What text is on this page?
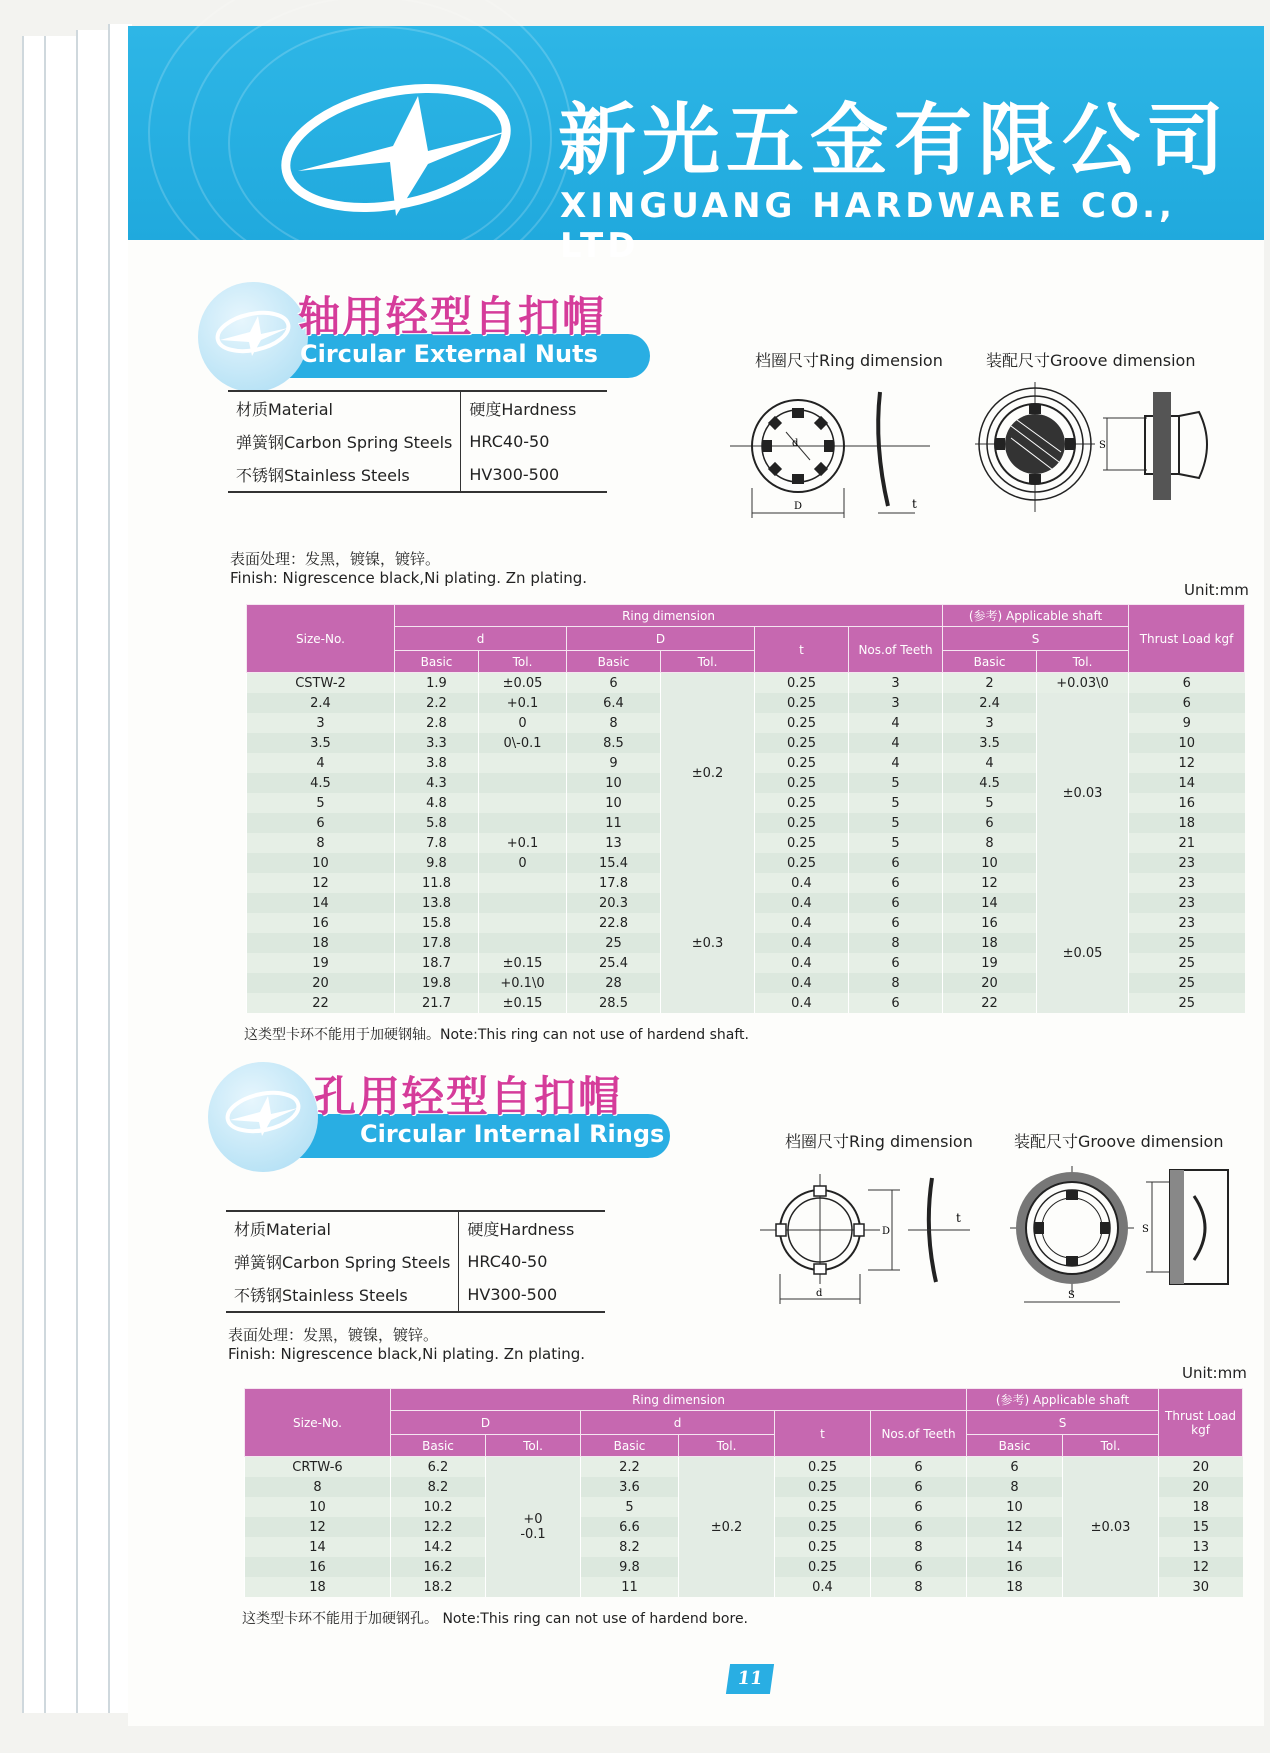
新光五金有限公司
XINGUANG HARDWARE CO., LTD
轴用轻型自扣帽
Circular External Nuts	档圈尺寸Ring dimension	装配尺寸Groove dimension
d
D	t
S
材质Material	硬度Hardness
弹簧钢Carbon Spring Steels	HRC40-50
不锈钢Stainless Steels	HV300-500
表面处理：发黑，镀镍，镀锌。
Finish: Nigrescence black,Ni plating. Zn plating.
Unit:mm
Size-No.	Ring dimension						(参考) Applicable shaft		Thrust Load kgf
	d		D		t	Nos.of Teeth	S		
	Basic	Tol.	Basic	Tol.			Basic	Tol.	
CSTW-2	1.9	±0.05	6	±0.2	0.25	3	2	+0.03\0	6
2.4	2.2	+0.1	6.4		0.25	3	2.4	±0.03	6
3	2.8	0	8		0.25	4	3		9
3.5	3.3	0\-0.1	8.5		0.25	4	3.5		10
4	3.8		9		0.25	4	4		12
4.5	4.3		10		0.25	5	4.5		14
5	4.8		10		0.25	5	5		16
6	5.8		11		0.25	5	6		18
8	7.8	+0.1	13		0.25	5	8		21
10	9.8	0	15.4		0.25	6	10		23
12	11.8		17.8	±0.3	0.4	6	12		23
14	13.8		20.3		0.4	6	14	±0.05	23
16	15.8		22.8		0.4	6	16		23
18	17.8		25		0.4	8	18		25
19	18.7	±0.15	25.4		0.4	6	19		25
20	19.8	+0.1\0	28		0.4	8	20		25
22	21.7	±0.15	28.5		0.4	6	22		25
这类型卡环不能用于加硬钢轴。Note:This ring can not use of hardend shaft.
孔用轻型自扣帽
Circular Internal Rings	档圈尺寸Ring dimension	装配尺寸Groove dimension
d
D
t
S
S
材质Material	硬度Hardness
弹簧钢Carbon Spring Steels	HRC40-50
不锈钢Stainless Steels	HV300-500
表面处理：发黑，镀镍，镀锌。
Finish: Nigrescence black,Ni plating. Zn plating.
Unit:mm
Size-No.	Ring dimension						(参考) Applicable shaft		Thrust Load kgf
	D		d		t	Nos.of Teeth	S		
	Basic	Tol.	Basic	Tol.			Basic	Tol.	
CRTW-6	6.2	+0
-0.1	2.2	±0.2	0.25	6	6	±0.03	20
8	8.2		3.6		0.25	6	8		20
10	10.2		5		0.25	6	10		18
12	12.2		6.6		0.25	6	12		15
14	14.2		8.2		0.25	8	14		13
16	16.2		9.8		0.25	6	16		12
18	18.2		11		0.4	8	18		30
这类型卡环不能用于加硬钢孔。 Note:This ring can not use of hardend bore.
11
